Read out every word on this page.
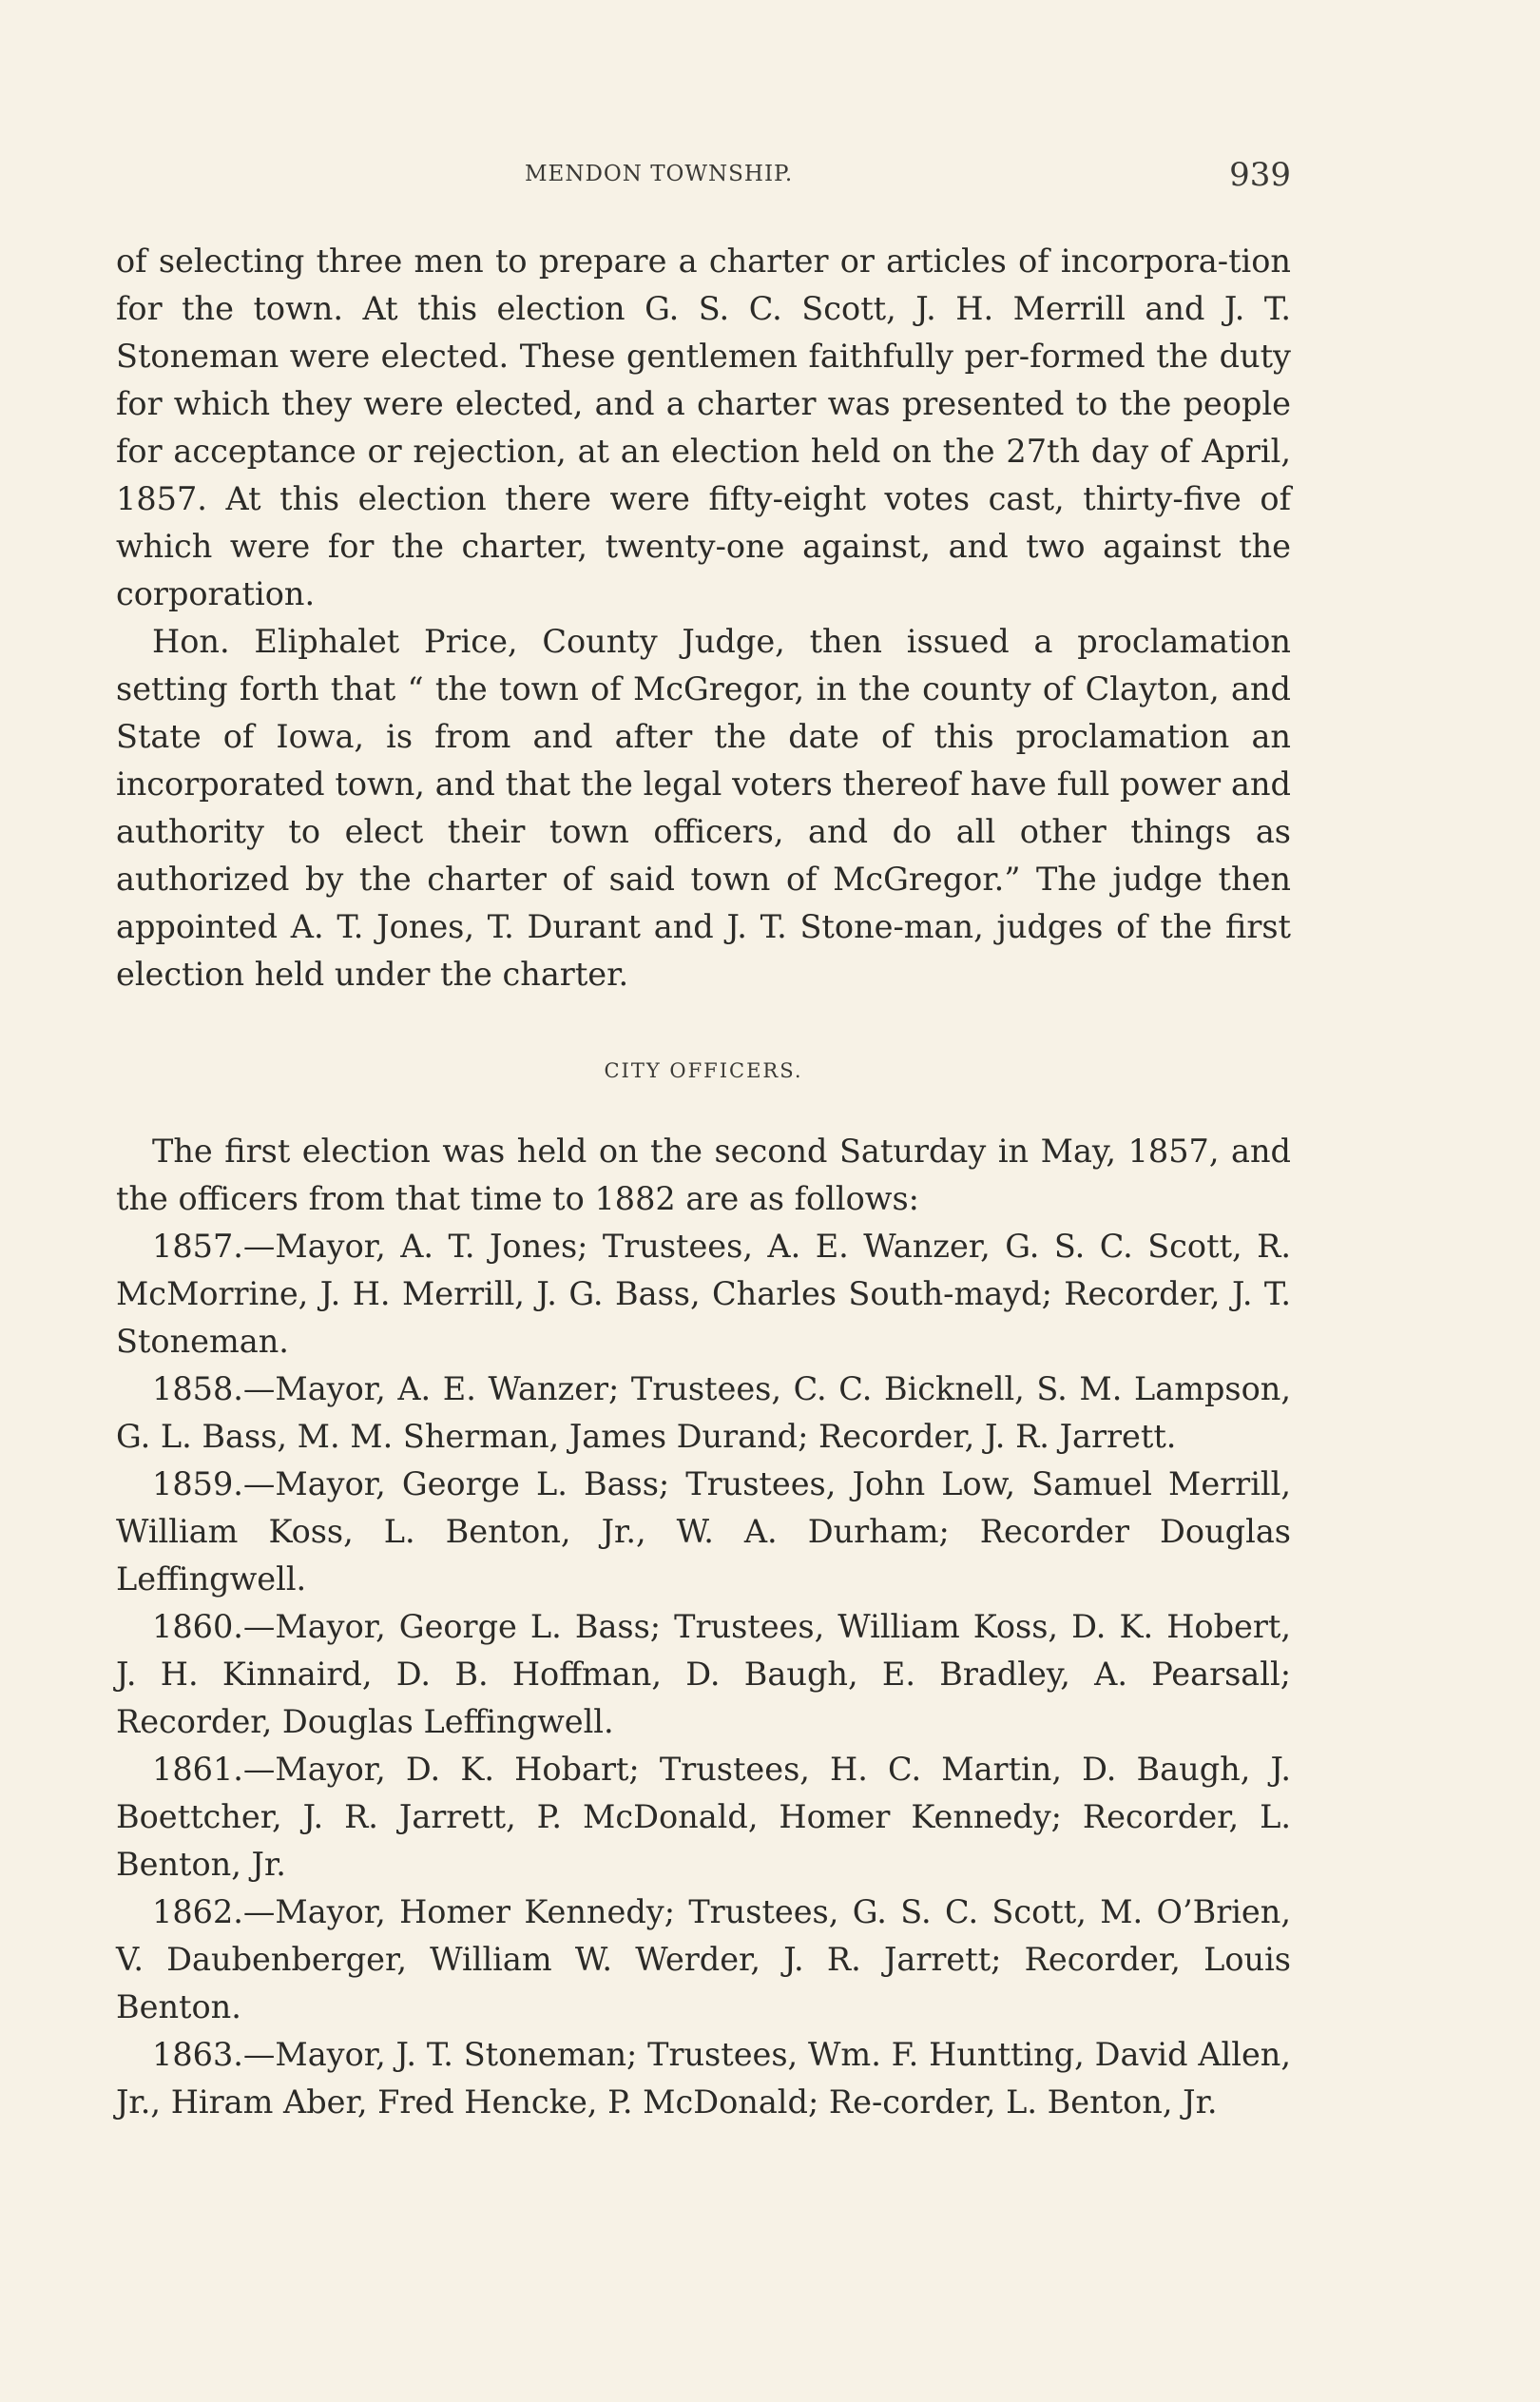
MENDON TOWNSHIP.	939

of selecting three men to prepare a charter or articles of incorpora-tion for the town. At this election G. S. C. Scott, J. H. Merrill and J. T. Stoneman were elected. These gentlemen faithfully per-formed the duty for which they were elected, and a charter was presented to the people for acceptance or rejection, at an election held on the 27th day of April, 1857. At this election there were fifty-eight votes cast, thirty-five of which were for the charter, twenty-one against, and two against the corporation.

Hon. Eliphalet Price, County Judge, then issued a proclamation setting forth that “ the town of McGregor, in the county of Clayton, and State of Iowa, is from and after the date of this proclamation an incorporated town, and that the legal voters thereof have full power and authority to elect their town officers, and do all other things as authorized by the charter of said town of McGregor.” The judge then appointed A. T. Jones, T. Durant and J. T. Stone-man, judges of the first election held under the charter.

CITY OFFICERS.

The first election was held on the second Saturday in May, 1857, and the officers from that time to 1882 are as follows:

1857.—Mayor, A. T. Jones; Trustees, A. E. Wanzer, G. S. C. Scott, R. McMorrine, J. H. Merrill, J. G. Bass, Charles South-mayd; Recorder, J. T. Stoneman.

1858.—Mayor, A. E. Wanzer; Trustees, C. C. Bicknell, S. M. Lampson, G. L. Bass, M. M. Sherman, James Durand; Recorder, J. R. Jarrett.

1859.—Mayor, George L. Bass; Trustees, John Low, Samuel Merrill, William Koss, L. Benton, Jr., W. A. Durham; Recorder Douglas Leffingwell.

1860.—Mayor, George L. Bass; Trustees, William Koss, D. K. Hobert, J. H. Kinnaird, D. B. Hoffman, D. Baugh, E. Bradley, A. Pearsall; Recorder, Douglas Leffingwell.

1861.—Mayor, D. K. Hobart; Trustees, H. C. Martin, D. Baugh, J. Boettcher, J. R. Jarrett, P. McDonald, Homer Kennedy; Recorder, L. Benton, Jr.

1862.—Mayor, Homer Kennedy; Trustees, G. S. C. Scott, M. O’Brien, V. Daubenberger, William W. Werder, J. R. Jarrett; Recorder, Louis Benton.

1863.—Mayor, J. T. Stoneman; Trustees, Wm. F. Huntting, David Allen, Jr., Hiram Aber, Fred Hencke, P. McDonald; Re-corder, L. Benton, Jr.
